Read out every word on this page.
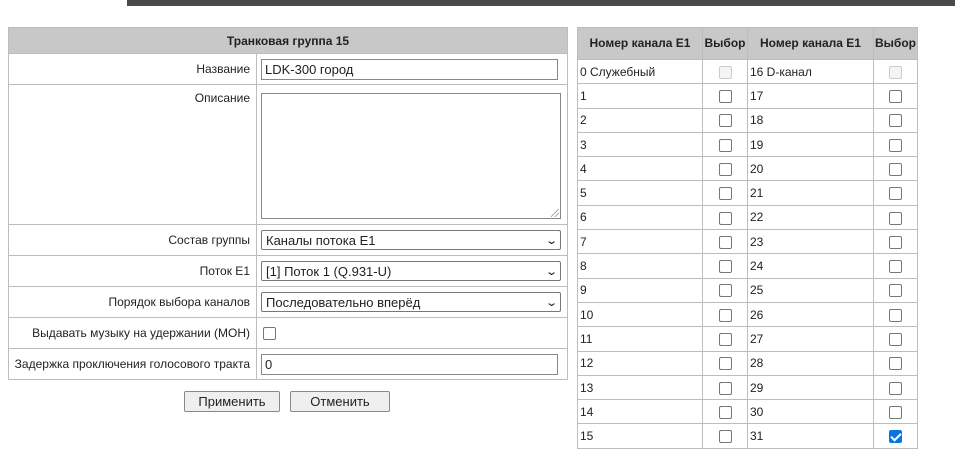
Транковая группа 15	
Название	LDK-300 город

Описание	

Состав группы	Каналы потока E1 ⌄

Поток E1	[1] Поток 1 (Q.931-U) ⌄

Порядок выбора каналов	Последовательно вперёд ⌄

Выдавать музыку на удержании (MOH)	
Задержка проключения голосового тракта	0
Применить	Отменить
Номер канала E1	Выбор	Номер канала E1	Выбор
0 Служебный		16 D-канал	
1		17	
2		18	
3		19	
4		20	
5		21	
6		22	
7		23	
8		24	
9		25	
10		26	
11		27	
12		28	
13		29	
14		30	
15		31	
